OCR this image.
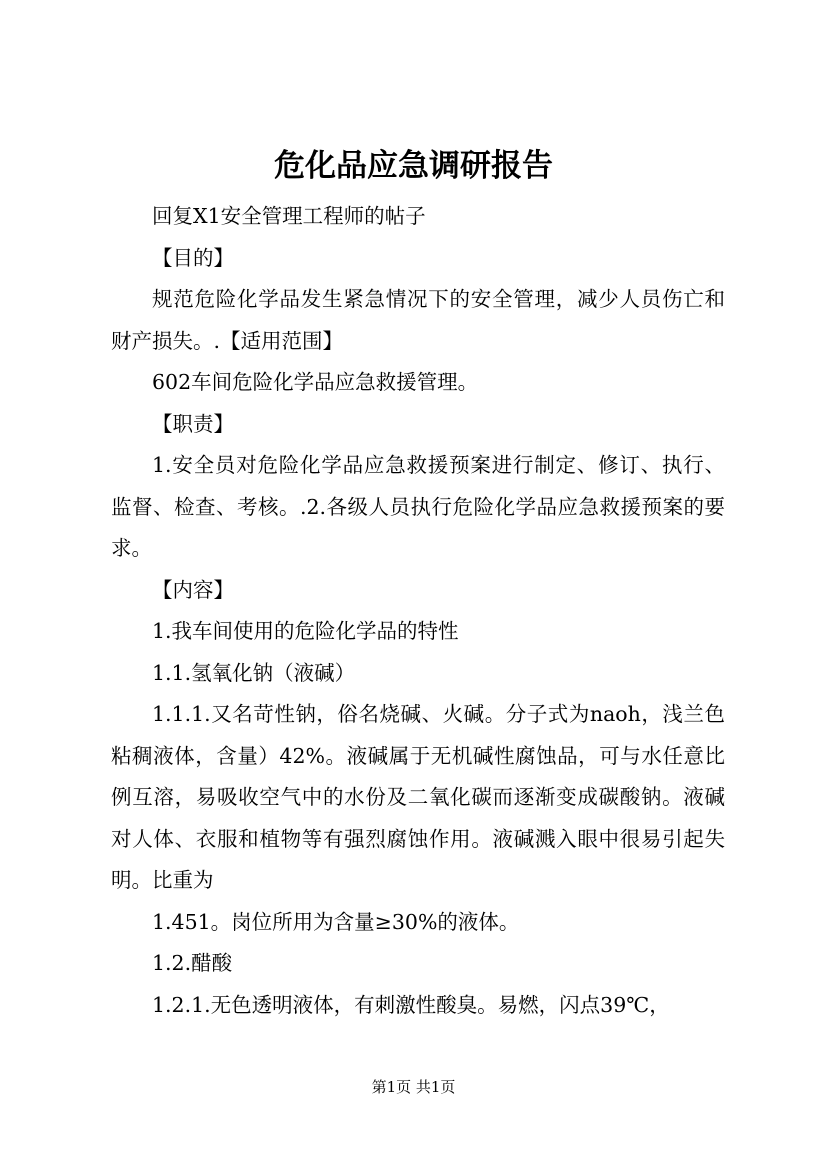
危化品应急调研报告

回复X1安全管理工程师的帖子

【目的】

规范危险化学品发生紧急情况下的安全管理，减少人员伤亡和财产损失。.【适用范围】

602车间危险化学品应急救援管理。

【职责】

1.安全员对危险化学品应急救援预案进行制定、修订、执行、监督、检查、考核。.2.各级人员执行危险化学品应急救援预案的要求。

【内容】

1.我车间使用的危险化学品的特性

1.1.氢氧化钠（液碱）

1.1.1.又名苛性钠，俗名烧碱、火碱。分子式为naoh，浅兰色粘稠液体，含量）42%。液碱属于无机碱性腐蚀品，可与水任意比例互溶，易吸收空气中的水份及二氧化碳而逐渐变成碳酸钠。液碱对人体、衣服和植物等有强烈腐蚀作用。液碱溅入眼中很易引起失明。比重为

1.451。岗位所用为含量≥30%的液体。

1.2.醋酸

1.2.1.无色透明液体，有刺激性酸臭。易燃，闪点39℃，

第1页 共1页
